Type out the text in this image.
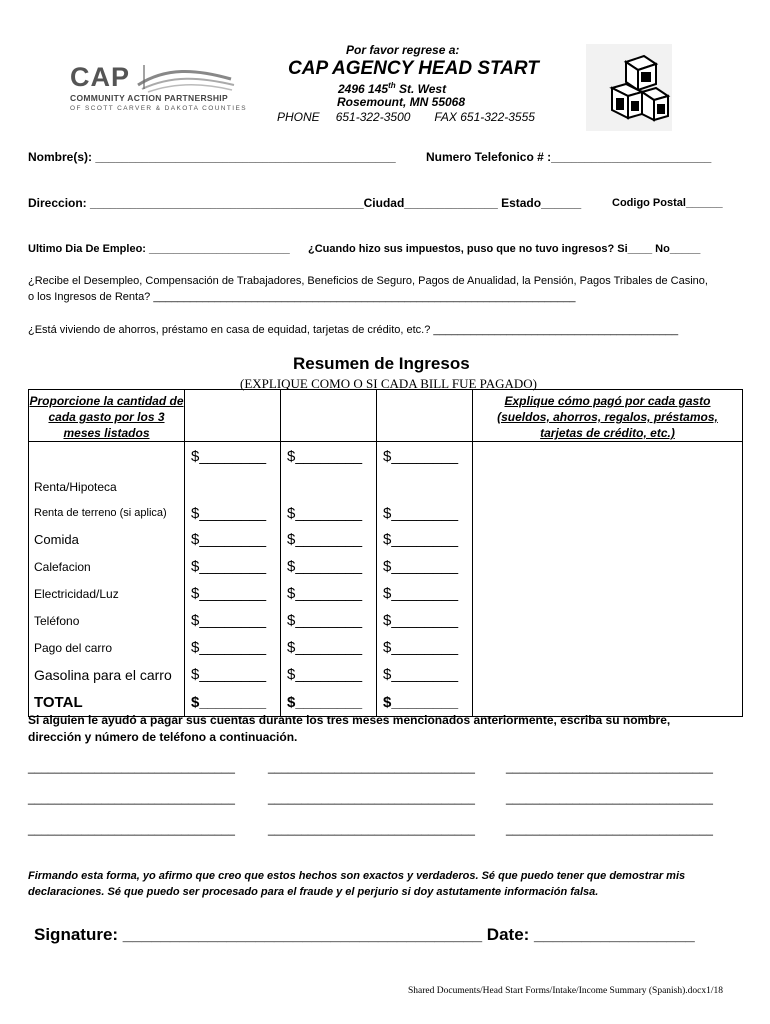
Por favor regrese a:
CAP AGENCY HEAD START
2496 145th St. West
Rosemount, MN 55068
PHONE 651-322-3500 FAX 651-322-3555
CAP
COMMUNITY ACTION PARTNERSHIP
OF SCOTT CARVER & DAKOTA COUNTIES
Nombre(s): _____________________________________________	Numero Telefonico # :________________________
Direccion: _________________________________________Ciudad______________ Estado______	Codigo Postal______
Ultimo Dia De Empleo: _______________________ ¿Cuando hizo sus impuestos, puso que no tuvo ingresos? Si____ No_____
¿Recibe el Desempleo, Compensación de Trabajadores, Beneficios de Seguro, Pagos de Anualidad, la Pensión, Pagos Tribales de Casino,
o los Ingresos de Renta? _____________________________________________________________________
¿Está viviendo de ahorros, préstamo en casa de equidad, tarjetas de crédito, etc.? ________________________________________
Resumen de Ingresos
(EXPLIQUE COMO O SI CADA BILL FUE PAGADO)
Proporcione la cantidad de cada gasto por los 3 meses listados				Explique cómo pagó por cada gasto (sueldos, ahorros, regalos, préstamos, tarjetas de crédito, etc.)

Renta/Hipoteca	$________	$________	$________	
Renta de terreno (si aplica)	$________	$________	$________	
Comida	$________	$________	$________	
Calefacion	$________	$________	$________	
Electricidad/Luz	$________	$________	$________	
Teléfono	$________	$________	$________	
Pago del carro	$________	$________	$________	
Gasolina para el carro	$________	$________	$________	
TOTAL	$________	$________	$________	
Si alguien le ayudó a pagar sus cuentas durante los tres meses mencionados anteriormente, escriba su nombre, dirección y número de teléfono a continuación.
_______________________________	_______________________________	_______________________________
_______________________________	_______________________________	_______________________________
_______________________________	_______________________________	_______________________________
Firmando esta forma, yo afirmo que creo que estos hechos son exactos y verdaderos. Sé que puedo tener que demostrar mis declaraciones. Sé que puedo ser procesado para el fraude y el perjurio si doy astutamente información falsa.
Signature: ______________________________________ Date: _________________
Shared Documents/Head Start Forms/Intake/Income Summary (Spanish).docx1/18
